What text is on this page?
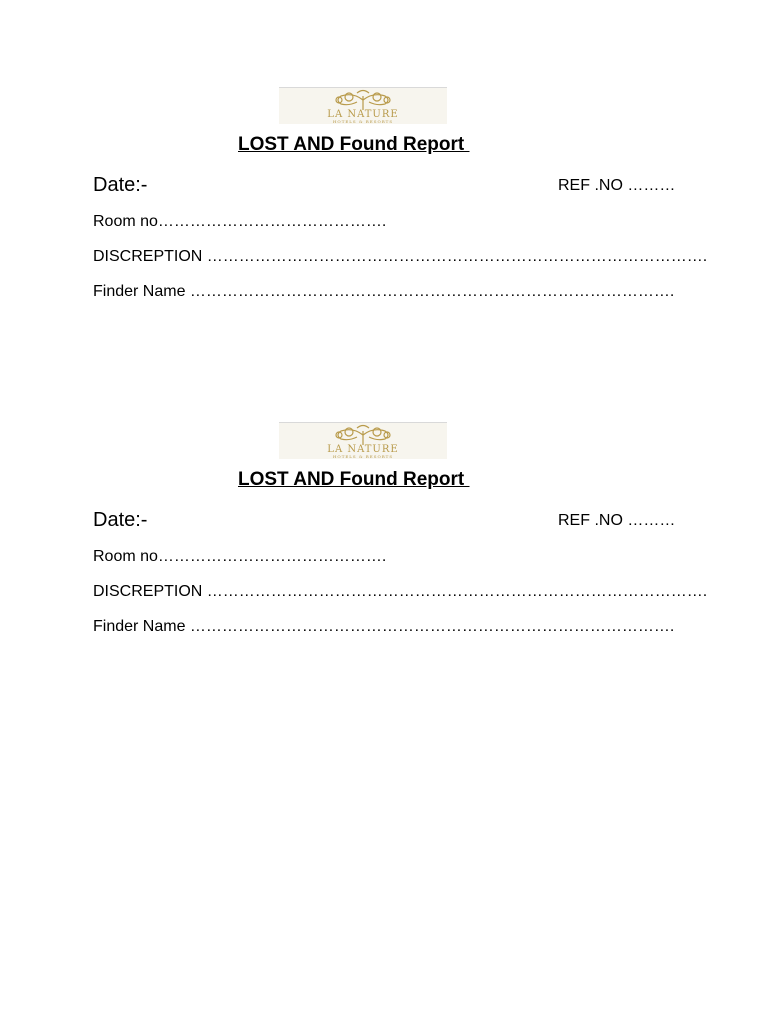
LA NATURE
HOTELS & RESORTS
LOST AND Found Report
Date:-	REF .NO ………
Room no…………………………………….
DISCREPTION ………………………………………………………………………………….
Finder Name ……………………………………………………………………………….
LA NATURE
HOTELS & RESORTS
LOST AND Found Report
Date:-	REF .NO ………
Room no…………………………………….
DISCREPTION ………………………………………………………………………………….
Finder Name ……………………………………………………………………………….
